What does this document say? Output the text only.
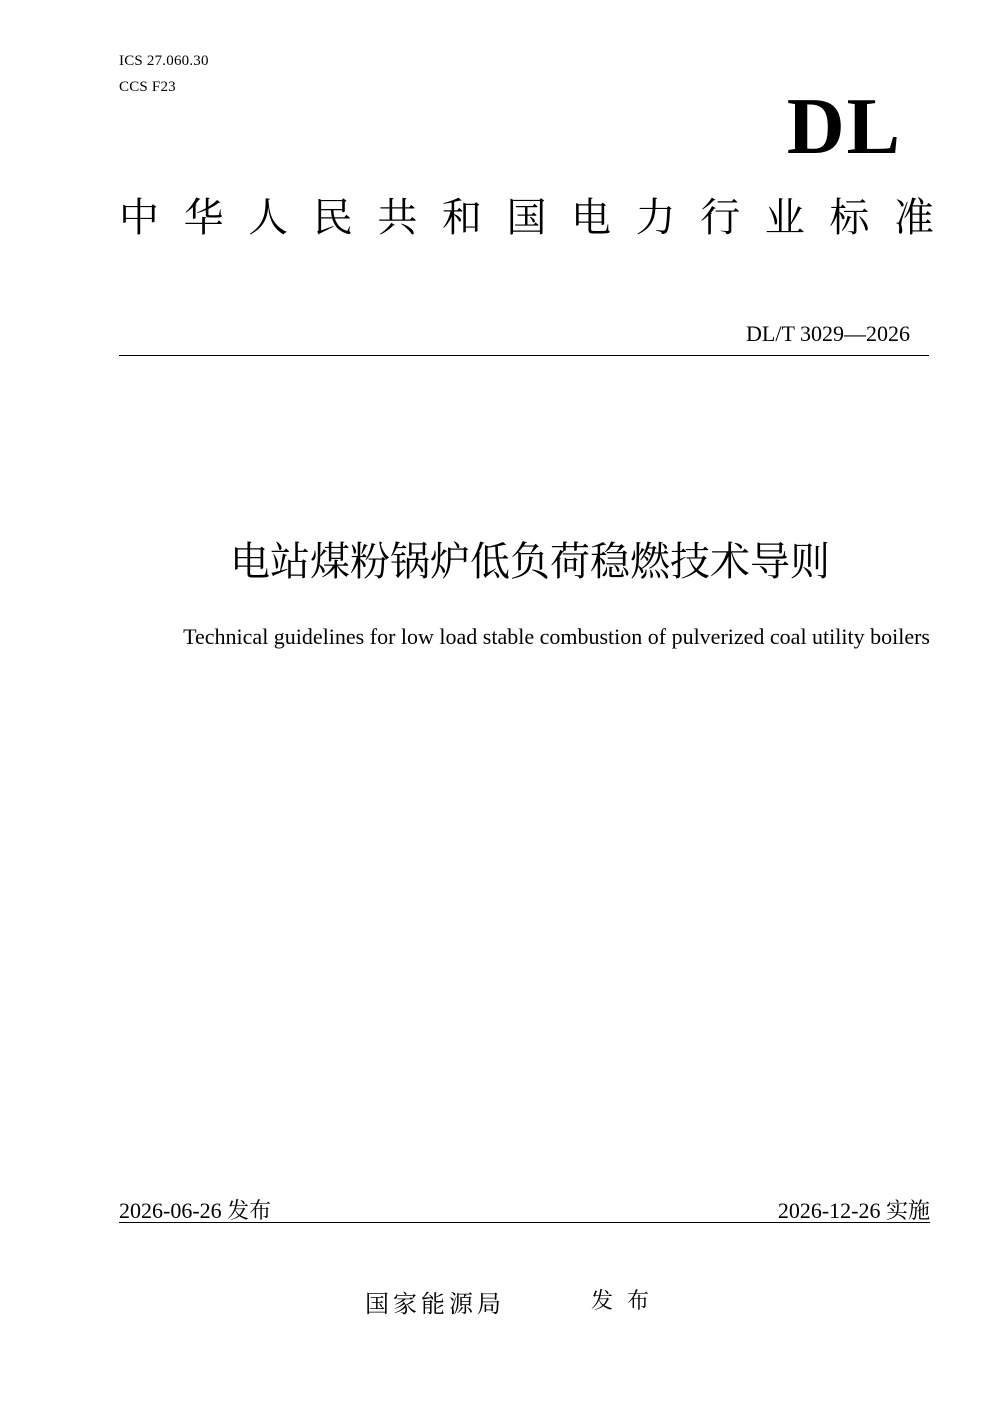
ICS 27.060.30
CCS F23	DL
中 华 人 民 共 和 国 电 力 行 业 标 准
DL/T 3029—2026
电站煤粉锅炉低负荷稳燃技术导则
Technical guidelines for low load stable combustion of pulverized coal utility boilers
2026-06-26 发布	2026-12-26 实施
国家能源局	发布
